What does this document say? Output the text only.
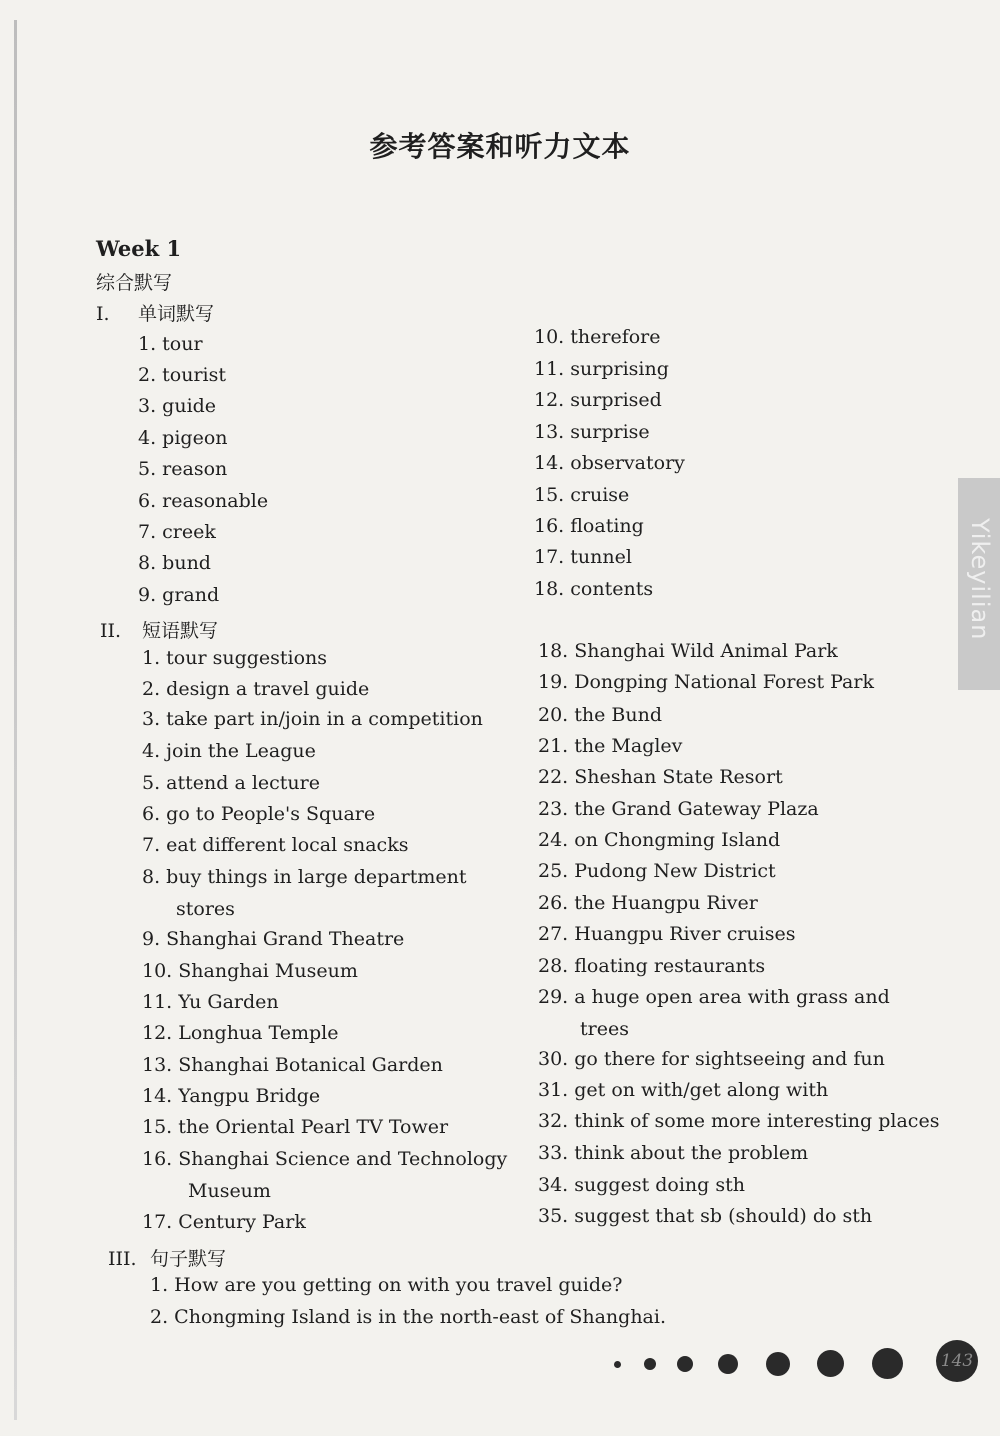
参考答案和听力文本
Week 1
综合默写
I. 单词默写
1. tour
2. tourist
3. guide
4. pigeon
5. reason
6. reasonable
7. creek
8. bund
9. grand
10. therefore
11. surprising
12. surprised
13. surprise
14. observatory
15. cruise
16. floating
17. tunnel
18. contents
II. 短语默写
1. tour suggestions
2. design a travel guide
3. take part in/join in a competition
4. join the League
5. attend a lecture
6. go to People's Square
7. eat different local snacks
8. buy things in large department
stores
9. Shanghai Grand Theatre
10. Shanghai Museum
11. Yu Garden
12. Longhua Temple
13. Shanghai Botanical Garden
14. Yangpu Bridge
15. the Oriental Pearl TV Tower
16. Shanghai Science and Technology
Museum
17. Century Park
18. Shanghai Wild Animal Park
19. Dongping National Forest Park
20. the Bund
21. the Maglev
22. Sheshan State Resort
23. the Grand Gateway Plaza
24. on Chongming Island
25. Pudong New District
26. the Huangpu River
27. Huangpu River cruises
28. floating restaurants
29. a huge open area with grass and
trees
30. go there for sightseeing and fun
31. get on with/get along with
32. think of some more interesting places
33. think about the problem
34. suggest doing sth
35. suggest that sb (should) do sth
III. 句子默写
1. How are you getting on with you travel guide?
2. Chongming Island is in the north-east of Shanghai.
Yikeyilian
143
